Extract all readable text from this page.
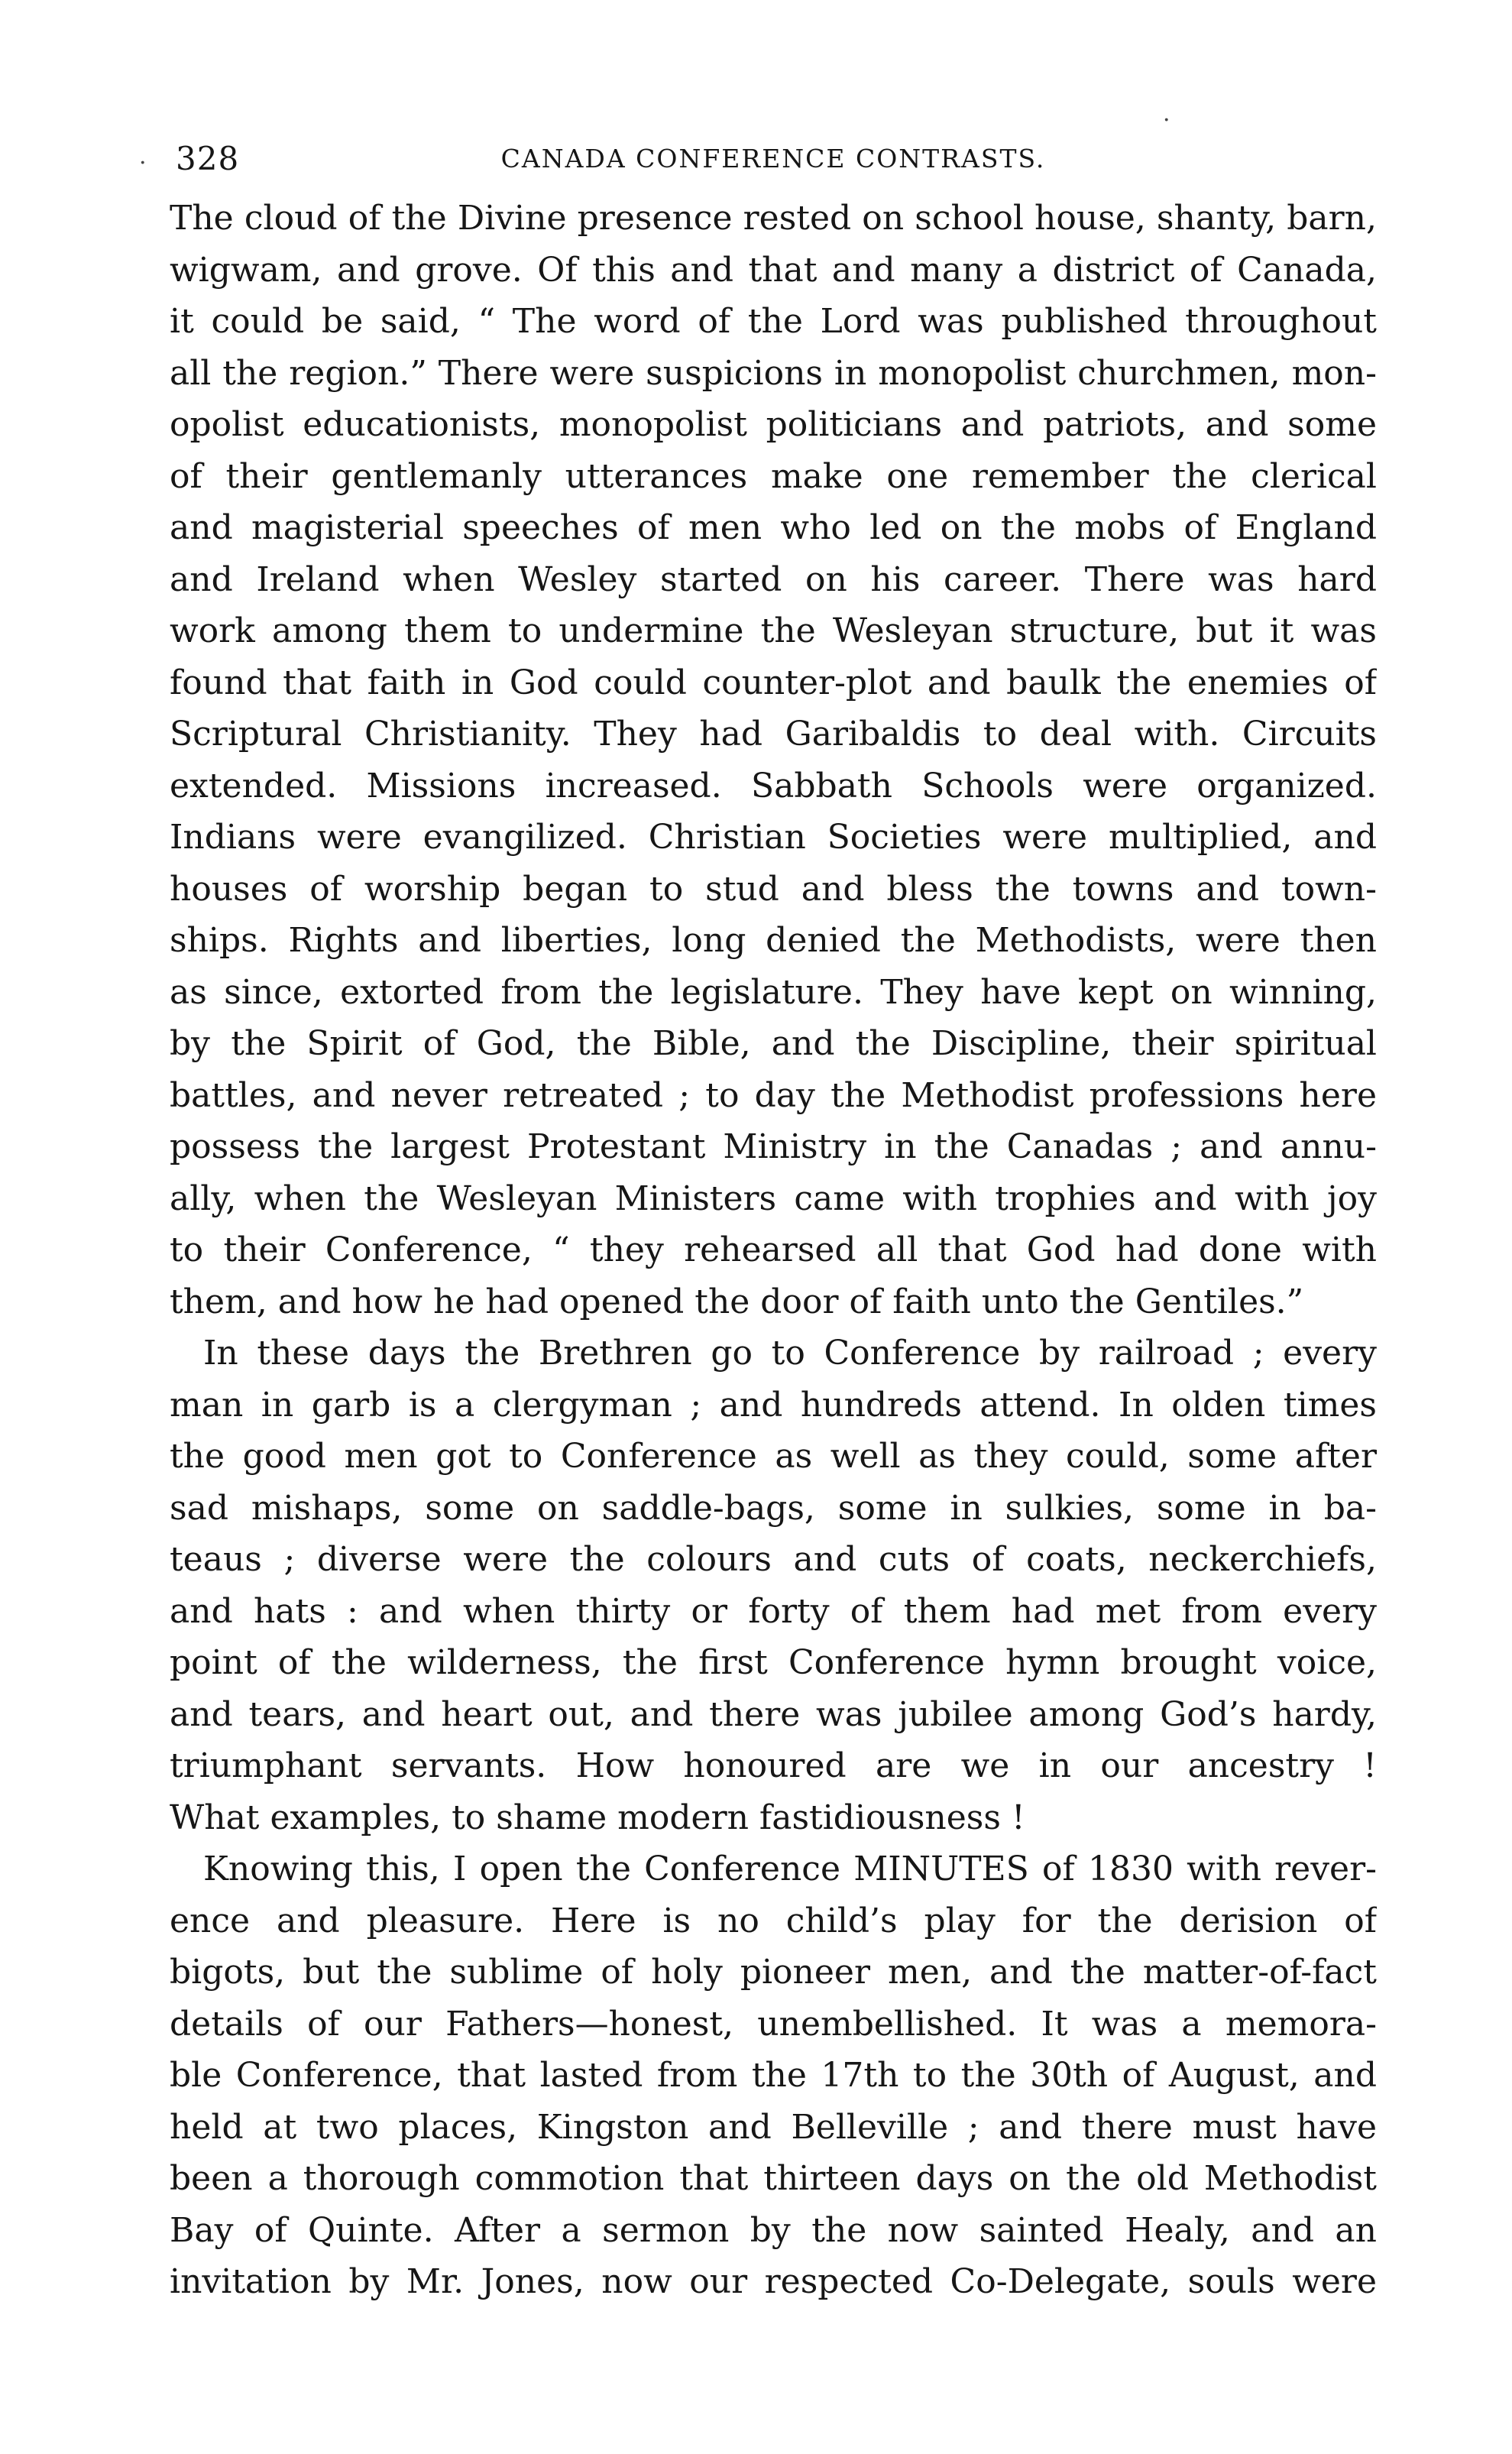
328	CANADA CONFERENCE CONTRASTS.
·
·
The cloud of the Divine presence rested on school house, shanty, barn,
wigwam, and grove. Of this and that and many a district of Canada,
it could be said, “ The word of the Lord was published throughout
all the region.” There were suspicions in monopolist churchmen, mon-
opolist educationists, monopolist politicians and patriots, and some
of their gentlemanly utterances make one remember the clerical
and magisterial speeches of men who led on the mobs of England
and Ireland when Wesley started on his career. There was hard
work among them to undermine the Wesleyan structure, but it was
found that faith in God could counter-plot and baulk the enemies of
Scriptural Christianity. They had Garibaldis to deal with. Circuits
extended. Missions increased. Sabbath Schools were organized.
Indians were evangilized. Christian Societies were multiplied, and
houses of worship began to stud and bless the towns and town-
ships. Rights and liberties, long denied the Methodists, were then
as since, extorted from the legislature. They have kept on winning,
by the Spirit of God, the Bible, and the Discipline, their spiritual
battles, and never retreated ; to day the Methodist professions here
possess the largest Protestant Ministry in the Canadas ; and annu-
ally, when the Wesleyan Ministers came with trophies and with joy
to their Conference, “ they rehearsed all that God had done with
them, and how he had opened the door of faith unto the Gentiles.”
In these days the Brethren go to Conference by railroad ; every
man in garb is a clergyman ; and hundreds attend. In olden times
the good men got to Conference as well as they could, some after
sad mishaps, some on saddle-bags, some in sulkies, some in ba-
teaus ; diverse were the colours and cuts of coats, neckerchiefs,
and hats : and when thirty or forty of them had met from every
point of the wilderness, the first Conference hymn brought voice,
and tears, and heart out, and there was jubilee among God’s hardy,
triumphant servants. How honoured are we in our ancestry !
What examples, to shame modern fastidiousness !
Knowing this, I open the Conference MINUTES of 1830 with rever-
ence and pleasure. Here is no child’s play for the derision of
bigots, but the sublime of holy pioneer men, and the matter-of-fact
details of our Fathers—honest, unembellished. It was a memora-
ble Conference, that lasted from the 17th to the 30th of August, and
held at two places, Kingston and Belleville ; and there must have
been a thorough commotion that thirteen days on the old Methodist
Bay of Quinte. After a sermon by the now sainted Healy, and an
invitation by Mr. Jones, now our respected Co-Delegate, souls were
